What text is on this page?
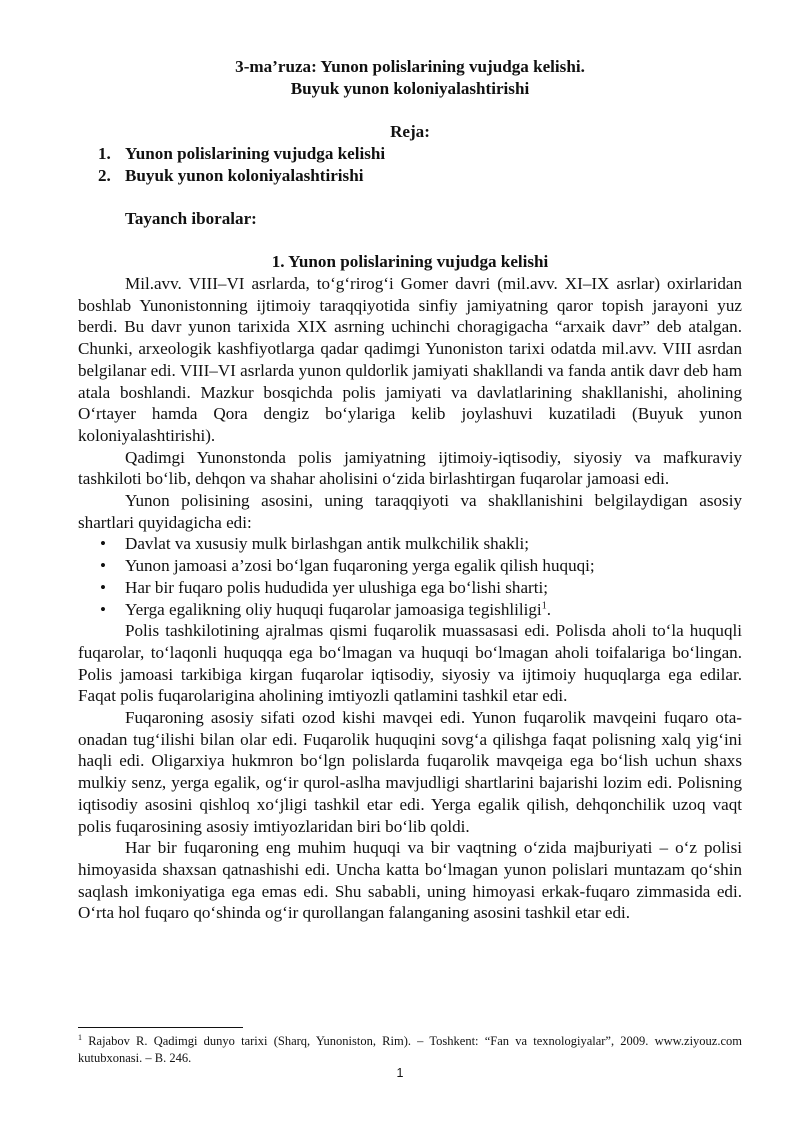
3-ma’ruza: Yunon polislarining vujudga kelishi.
Buyuk yunon koloniyalashtirishi
Reja:
1. Yunon polislarining vujudga kelishi
2. Buyuk yunon koloniyalashtirishi
Tayanch iboralar:
1. Yunon polislarining vujudga kelishi

Mil.avv. VIII–VI asrlarda, to‘g‘rirog‘i Gomer davri (mil.avv. XI–IX asrlar) oxirlaridan boshlab Yunonistonning ijtimoiy taraqqiyotida sinfiy jamiyatning qaror topish jarayoni yuz berdi. Bu davr yunon tarixida XIX asrning uchinchi choragigacha “arxaik davr” deb atalgan. Chunki, arxeologik kashfiyotlarga qadar qadimgi Yunoniston tarixi odatda mil.avv. VIII asrdan belgilanar edi. VIII–VI asrlarda yunon quldorlik jamiyati shakllandi va fanda antik davr deb ham atala boshlandi. Mazkur bosqichda polis jamiyati va davlatlarining shakllanishi, aholining O‘rtayer hamda Qora dengiz bo‘ylariga kelib joylashuvi kuzatiladi (Buyuk yunon koloniyalashtirishi).

Qadimgi Yunonstonda polis jamiyatning ijtimoiy-iqtisodiy, siyosiy va mafkuraviy tashkiloti bo‘lib, dehqon va shahar aholisini o‘zida birlashtirgan fuqarolar jamoasi edi.

Yunon polisining asosini, uning taraqqiyoti va shakllanishini belgilaydigan asosiy shartlari quyidagicha edi:

• Davlat va xususiy mulk birlashgan antik mulkchilik shakli;
• Yunon jamoasi a’zosi bo‘lgan fuqaroning yerga egalik qilish huquqi;
• Har bir fuqaro polis hududida yer ulushiga ega bo‘lishi sharti;
• Yerga egalikning oliy huquqi fuqarolar jamoasiga tegishliligi$^1$.

Polis tashkilotining ajralmas qismi fuqarolik muassasasi edi. Polisda aholi to‘la huquqli fuqarolar, to‘laqonli huquqqa ega bo‘lmagan va huquqi bo‘lmagan aholi toifalariga bo‘lingan. Polis jamoasi tarkibiga kirgan fuqarolar iqtisodiy, siyosiy va ijtimoiy huquqlarga ega edilar. Faqat polis fuqarolarigina aholining imtiyozli qatlamini tashkil etar edi.

Fuqaroning asosiy sifati ozod kishi mavqei edi. Yunon fuqarolik mavqeini fuqaro ota-onadan tug‘ilishi bilan olar edi. Fuqarolik huquqini sovg‘a qilishga faqat polisning xalq yig‘ini haqli edi. Oligarxiya hukmron bo‘lgn polislarda fuqarolik mavqeiga ega bo‘lish uchun shaxs mulkiy senz, yerga egalik, og‘ir qurol-aslha mavjudligi shartlarini bajarishi lozim edi. Polisning iqtisodiy asosini qishloq xo‘jligi tashkil etar edi. Yerga egalik qilish, dehqonchilik uzoq vaqt polis fuqarosining asosiy imtiyozlaridan biri bo‘lib qoldi.

Har bir fuqaroning eng muhim huquqi va bir vaqtning o‘zida majburiyati – o‘z polisi himoyasida shaxsan qatnashishi edi. Uncha katta bo‘lmagan yunon polislari muntazam qo‘shin saqlash imkoniyatiga ega emas edi. Shu sababli, uning himoyasi erkak-fuqaro zimmasida edi. O‘rta hol fuqaro qo‘shinda og‘ir qurollangan falanganing asosini tashkil etar edi.

$^1$ Rajabov R. Qadimgi dunyo tarixi (Sharq, Yunoniston, Rim). – Toshkent: “Fan va texnologiyalar”, 2009. www.ziyouz.com kutubxonasi. – B. 246.
1
